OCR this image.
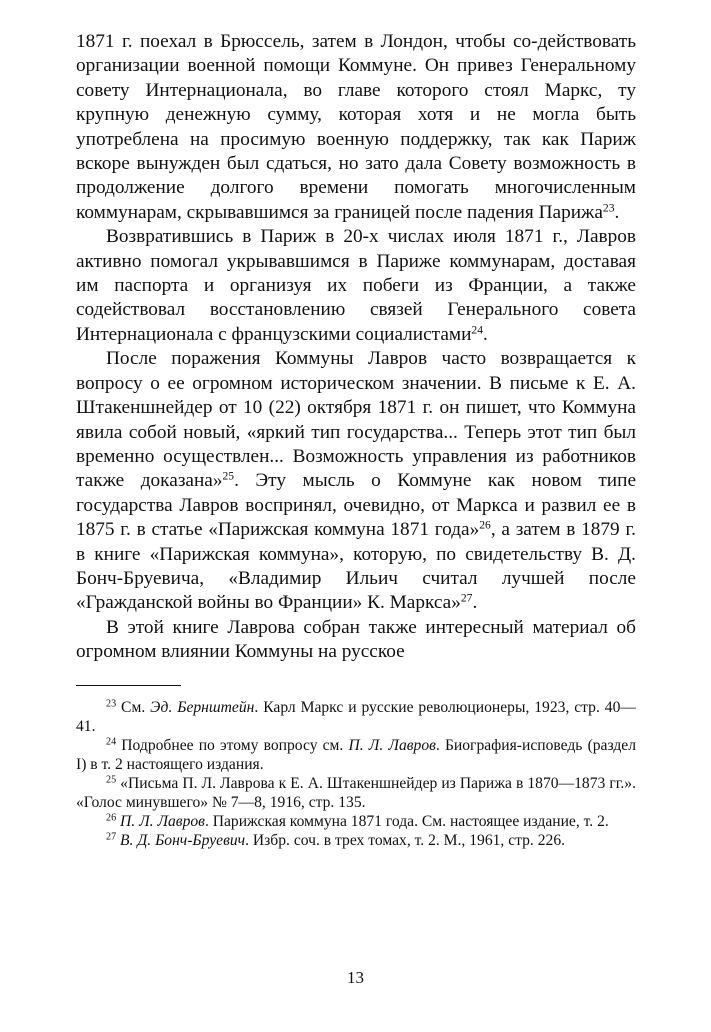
1871 г. поехал в Брюссель, затем в Лондон, чтобы со-действовать организации военной помощи Коммуне. Он привез Генеральному совету Интернационала, во главе которого стоял Маркс, ту крупную денежную сумму, которая хотя и не могла быть употреблена на просимую военную поддержку, так как Париж вскоре вынужден был сдаться, но зато дала Совету возможность в продолжение долгого времени помогать многочисленным коммунарам, скрывавшимся за границей после падения Парижа$^{23}$.

Возвратившись в Париж в 20-х числах июля 1871 г., Лавров активно помогал укрывавшимся в Париже коммунарам, доставая им паспорта и организуя их побеги из Франции, а также содействовал восстановлению связей Генерального совета Интернационала с французскими социалистами$^{24}$.

После поражения Коммуны Лавров часто возвращается к вопросу о ее огромном историческом значении. В письме к Е. А. Штакеншнейдер от 10 (22) октября 1871 г. он пишет, что Коммуна явила собой новый, «яркий тип государства... Теперь этот тип был временно осуществлен... Возможность управления из работников также доказана»$^{25}$. Эту мысль о Коммуне как новом типе государства Лавров воспринял, очевидно, от Маркса и развил ее в 1875 г. в статье «Парижская коммуна 1871 года»$^{26}$, а затем в 1879 г. в книге «Парижская коммуна», которую, по свидетельству В. Д. Бонч-Бруевича, «Владимир Ильич считал лучшей после «Гражданской войны во Франции» К. Маркса»$^{27}$.

В этой книге Лаврова собран также интересный материал об огромном влиянии Коммуны на русское

$^{23}$ См. Эд. Бернштейн. Карл Маркс и русские революционеры, 1923, стр. 40—41.

$^{24}$ Подробнее по этому вопросу см. П. Л. Лавров. Биография-исповедь (раздел I) в т. 2 настоящего издания.

$^{25}$ «Письма П. Л. Лаврова к Е. А. Штакеншнейдер из Парижа в 1870—1873 гг.». «Голос минувшего» № 7—8, 1916, стр. 135.

$^{26}$ П. Л. Лавров. Парижская коммуна 1871 года. См. настоящее издание, т. 2.

$^{27}$ В. Д. Бонч-Бруевич. Избр. соч. в трех томах, т. 2. М., 1961, стр. 226.

13
